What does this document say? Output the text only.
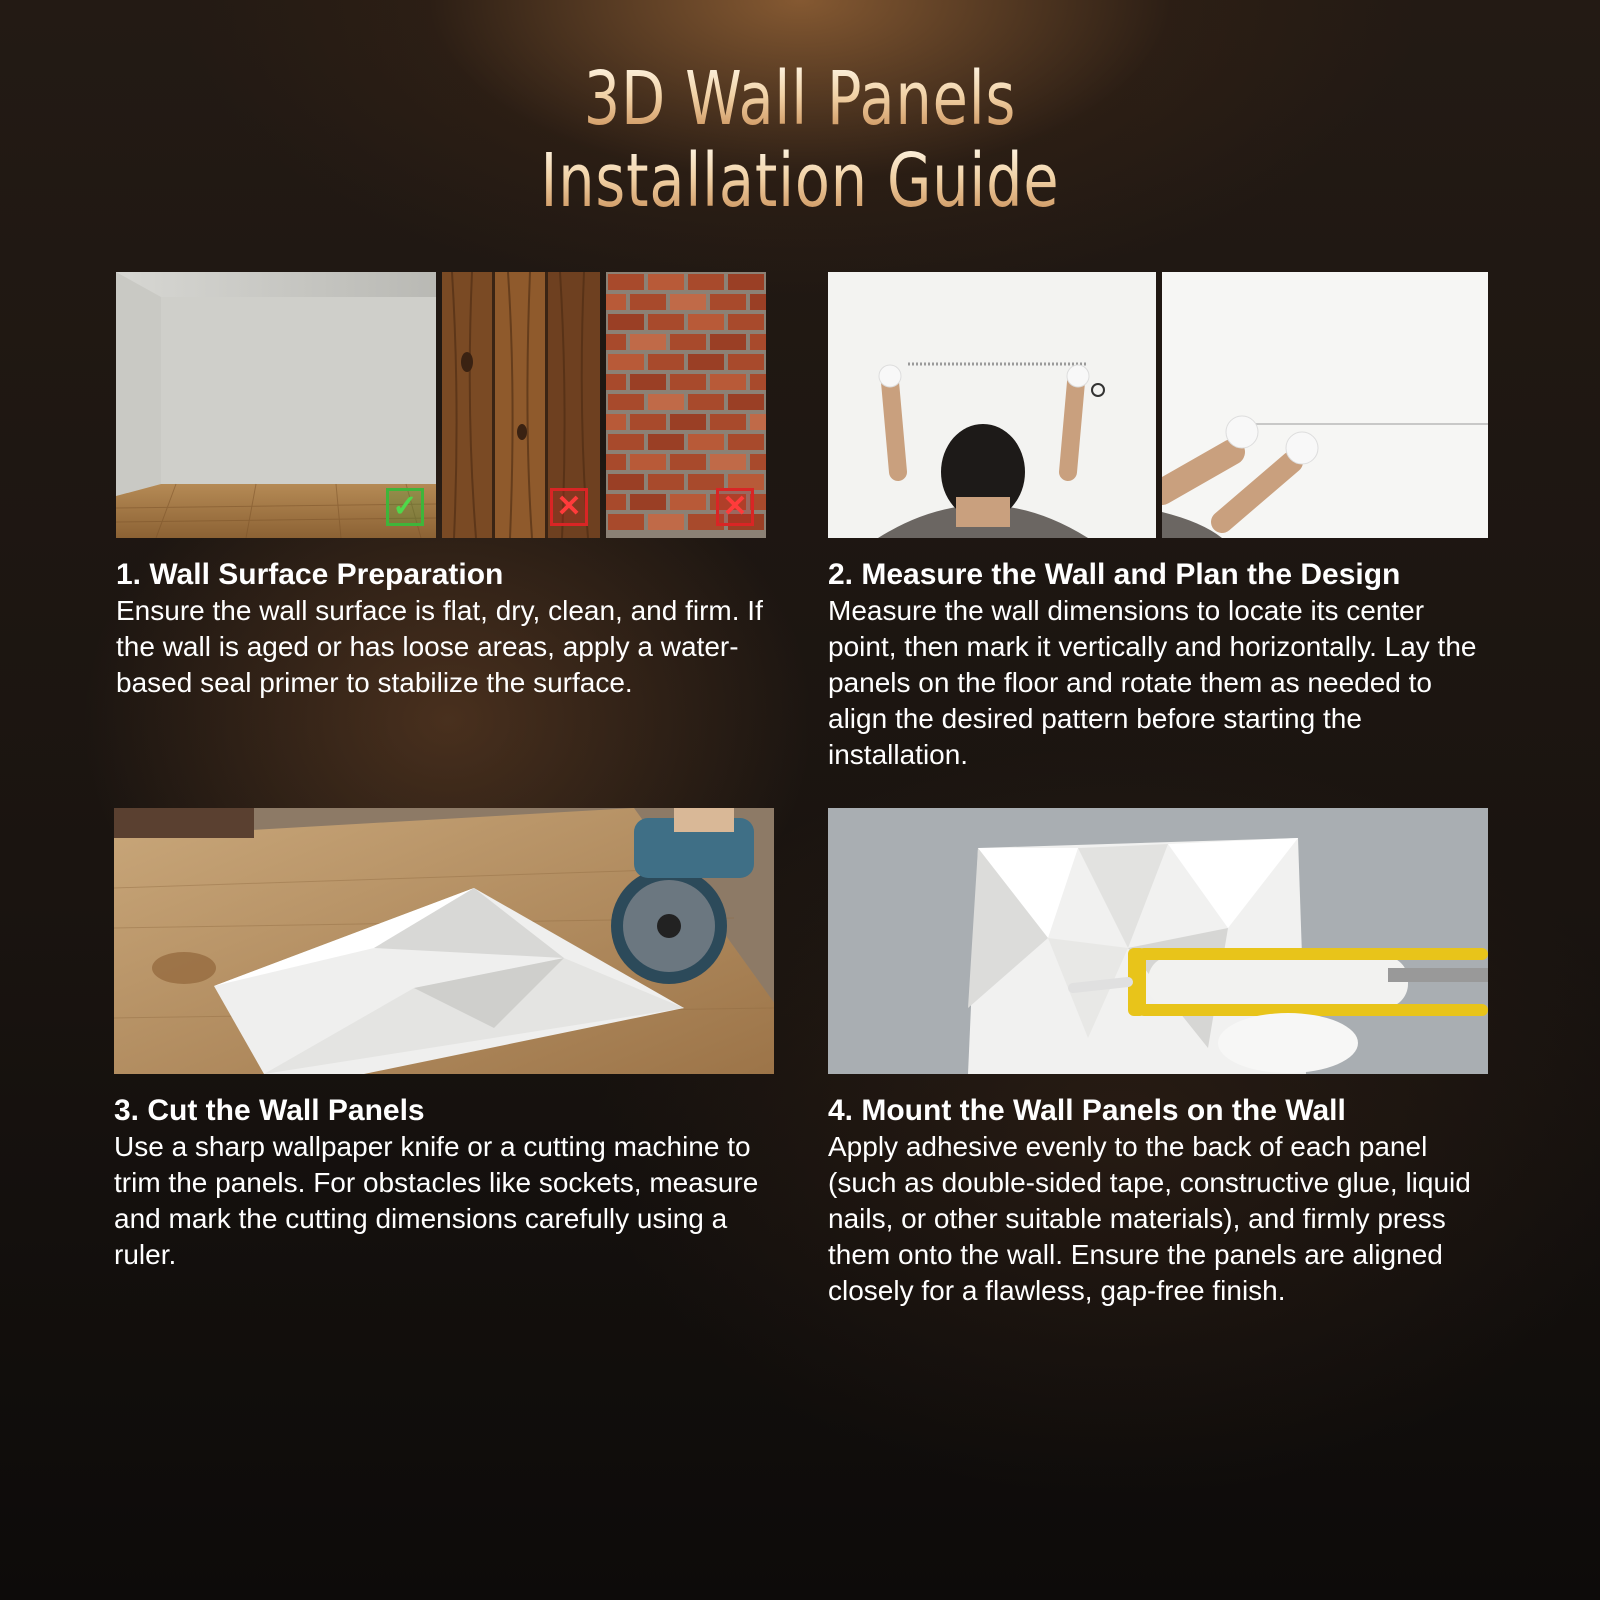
3D Wall Panels
Installation Guide
✓	✕	✕
1. Wall Surface Preparation

Ensure the wall surface is flat, dry, clean, and firm. If the wall is aged or has loose areas, apply a water-based seal primer to stabilize the surface.

2. Measure the Wall and Plan the Design

Measure the wall dimensions to locate its center point, then mark it vertically and horizontally. Lay the panels on the floor and rotate them as needed to align the desired pattern before starting the installation.

3. Cut the Wall Panels

Use a sharp wallpaper knife or a cutting machine to trim the panels. For obstacles like sockets, measure and mark the cutting dimensions carefully using a ruler.

4. Mount the Wall Panels on the Wall

Apply adhesive evenly to the back of each panel (such as double-sided tape, constructive glue, liquid nails, or other suitable materials), and firmly press them onto the wall. Ensure the panels are aligned closely for a flawless, gap-free finish.
